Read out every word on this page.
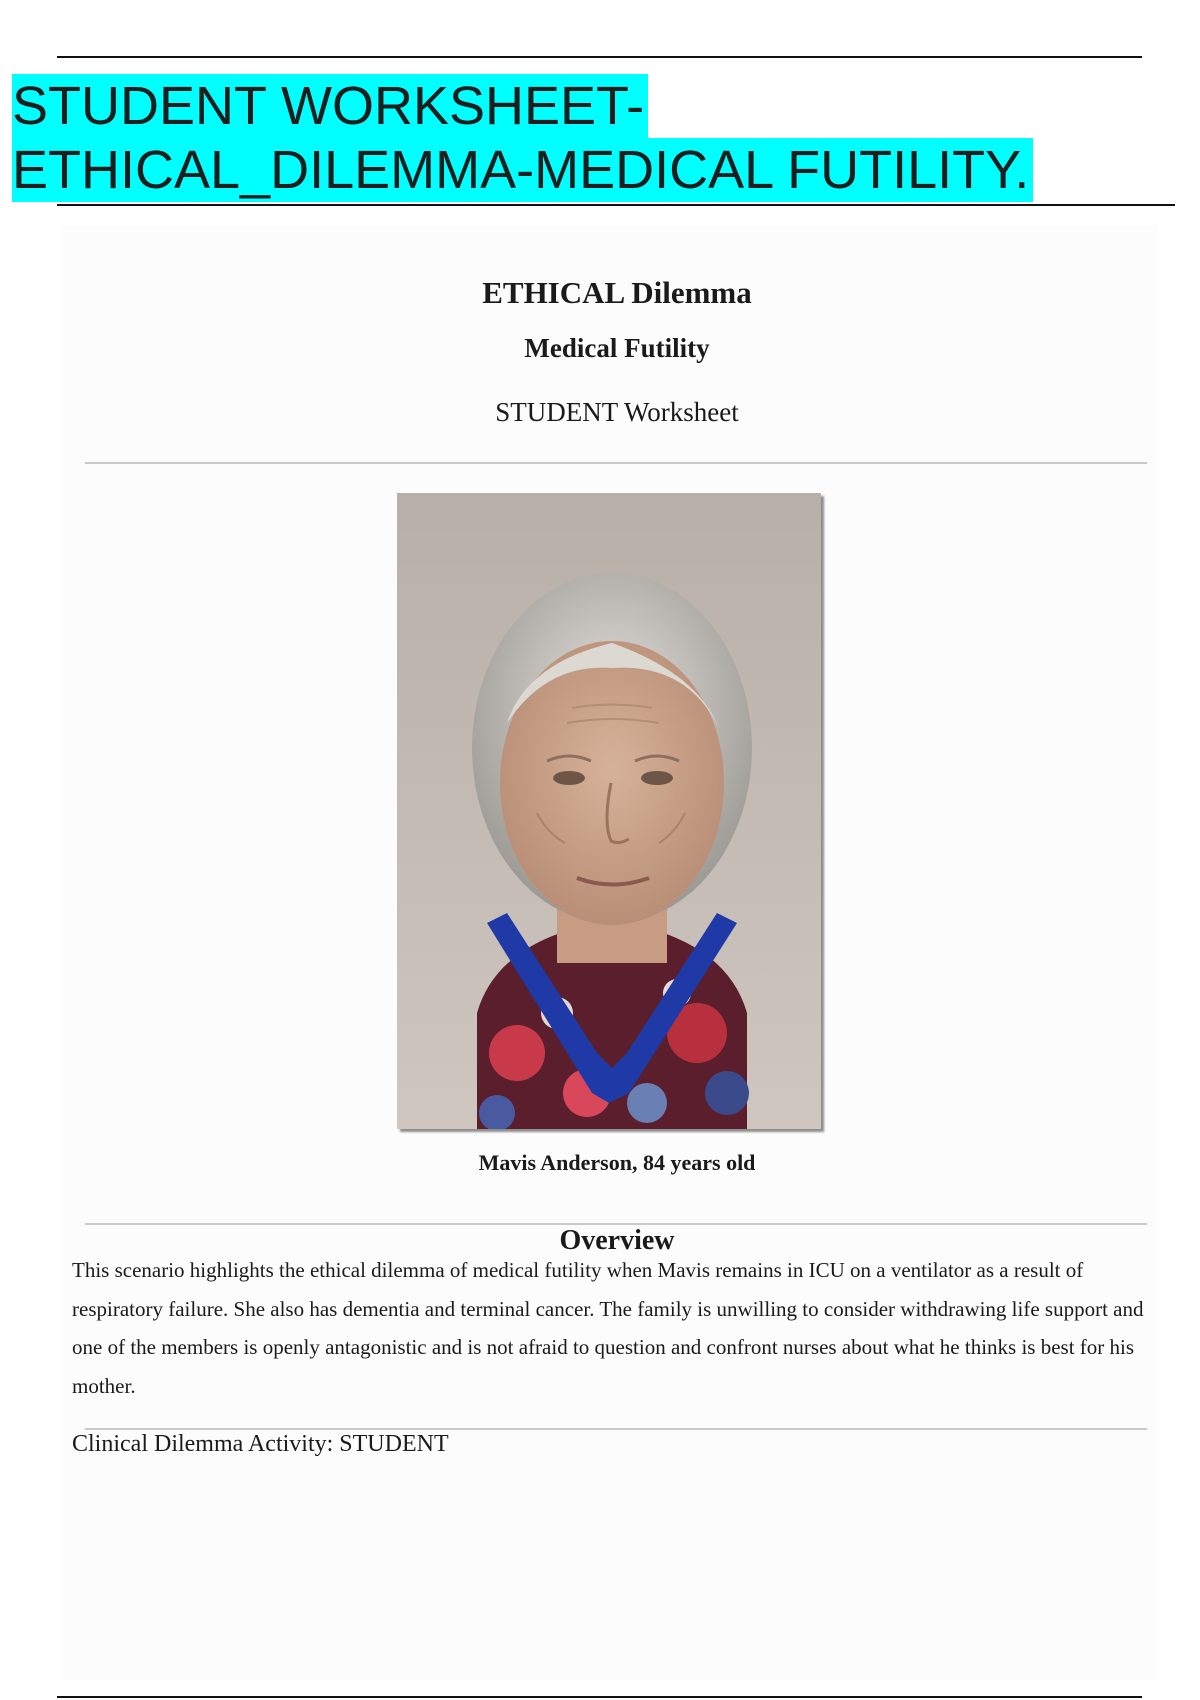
STUDENT WORKSHEET-
ETHICAL_DILEMMA-MEDICAL FUTILITY.
ETHICAL Dilemma
Medical Futility
STUDENT Worksheet
Mavis Anderson, 84 years old
Overview

This scenario highlights the ethical dilemma of medical futility when Mavis remains in ICU on a ventilator as a result of respiratory failure. She also has dementia and terminal cancer. The family is unwilling to consider withdrawing life support and one of the members is openly antagonistic and is not afraid to question and confront nurses about what he thinks is best for his mother.

Clinical Dilemma Activity: STUDENT
